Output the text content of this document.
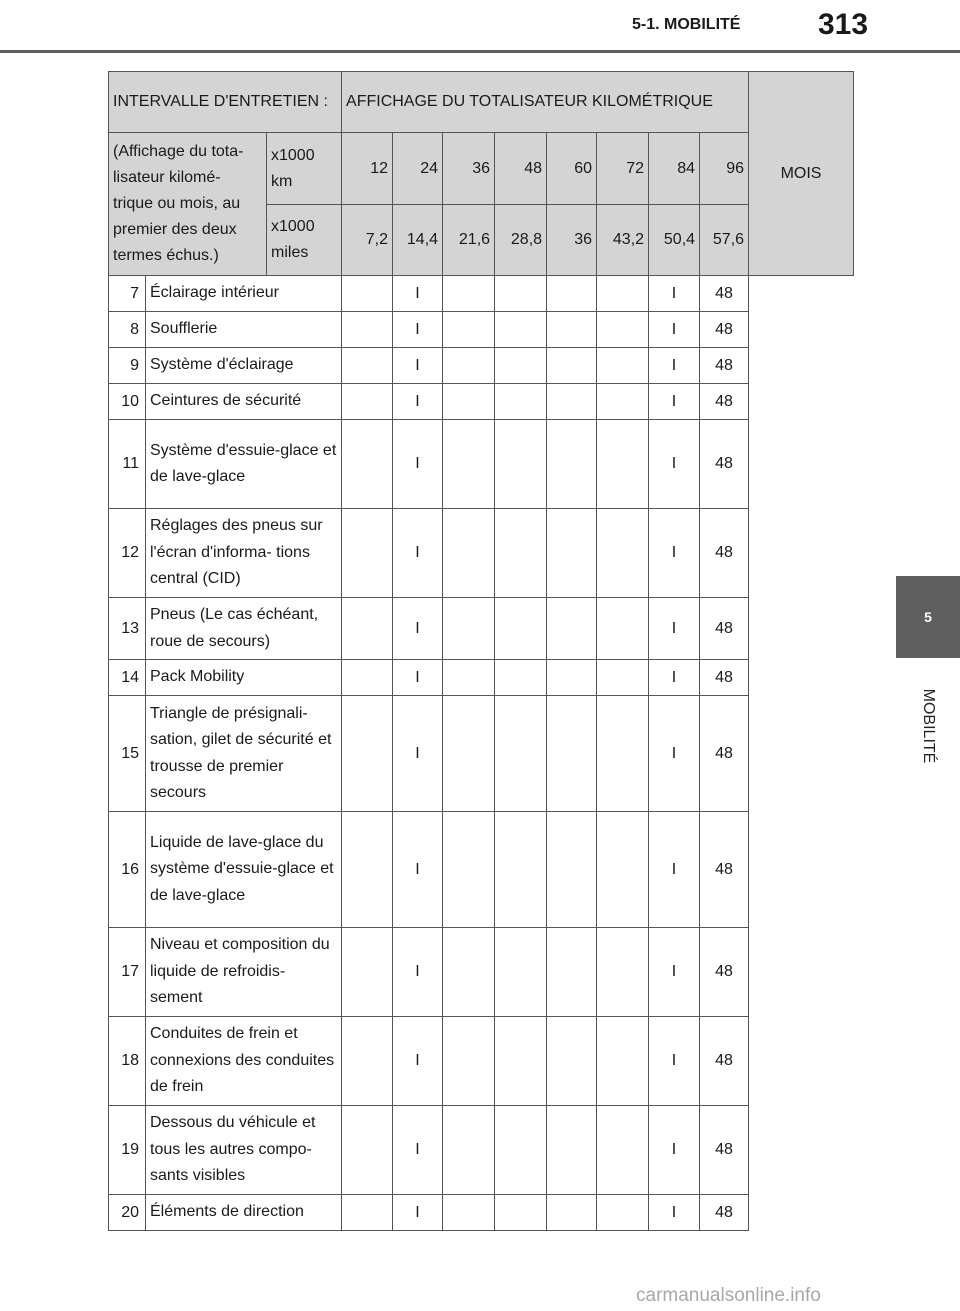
5-1. MOBILITÉ	313
5
MOBILITÉ
INTERVALLE D'ENTRETIEN :			AFFICHAGE DU TOTALISATEUR KILOMÉTRIQUE								MOIS
(Affichage du tota- lisateur kilomé- trique ou mois, au premier des deux termes échus.)		x1000 km	12	24	36	48	60	72	84	96	
		x1000 miles	7,2	14,4	21,6	28,8	36	43,2	50,4	57,6	
7	Éclairage intérieur			I					I	48	
8	Soufflerie			I					I	48	
9	Système d'éclairage			I					I	48	
10	Ceintures de sécurité			I					I	48	
11	Système d'essuie-glace et de lave-glace			I					I	48	
12	Réglages des pneus sur l'écran d'informa- tions central (CID)			I					I	48	
13	Pneus (Le cas échéant, roue de secours)			I					I	48	
14	Pack Mobility			I					I	48	
15	Triangle de présignali- sation, gilet de sécurité et trousse de premier secours			I					I	48	
16	Liquide de lave-glace du système d'essuie-glace et de lave-glace			I					I	48	
17	Niveau et composition du liquide de refroidis- sement			I					I	48	
18	Conduites de frein et connexions des conduites de frein			I					I	48	
19	Dessous du véhicule et tous les autres compo- sants visibles			I					I	48	
20	Éléments de direction			I					I	48	
carmanualsonline.info
